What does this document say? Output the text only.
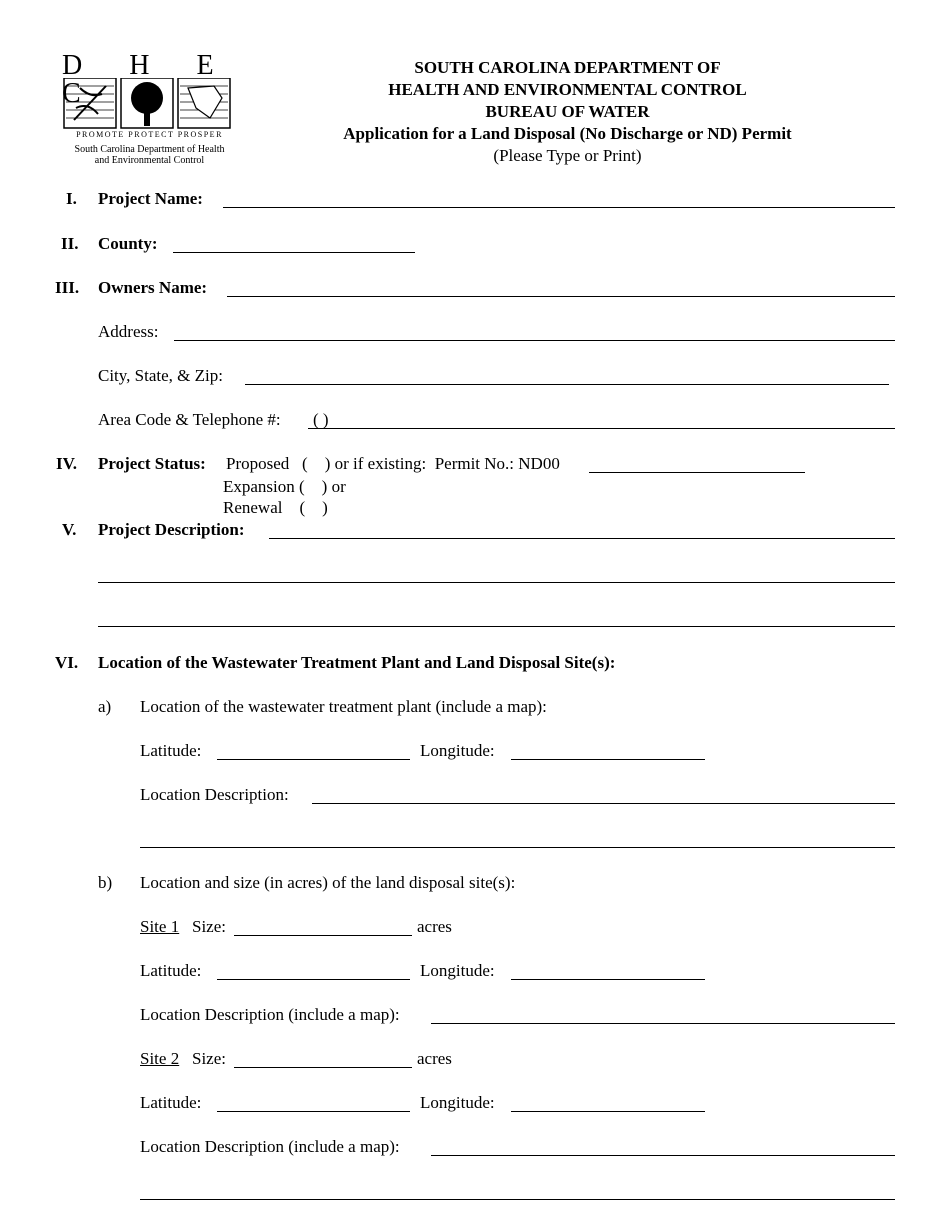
D H E C
PROMOTE PROTECT PROSPER
South Carolina Department of Health
and Environmental Control
SOUTH CAROLINA DEPARTMENT OF
HEALTH AND ENVIRONMENTAL CONTROL
BUREAU OF WATER
Application for a Land Disposal (No Discharge or ND) Permit
(Please Type or Print)
I. Project Name:
II. County:
III. Owners Name:
Address:
City, State, & Zip:
Area Code & Telephone #: ( )
IV. Project Status: Proposed   (    ) or if existing:  Permit No.: ND00
Expansion (    ) or
Renewal    (    )
V. Project Description:
VI. Location of the Wastewater Treatment Plant and Land Disposal Site(s):
a) Location of the wastewater treatment plant (include a map):
Latitude:	Longitude:
Location Description:
b) Location and size (in acres) of the land disposal site(s):
Site 1 Size:	acres
Latitude:	Longitude:
Location Description (include a map):
Site 2 Size:	acres
Latitude:	Longitude:
Location Description (include a map):
